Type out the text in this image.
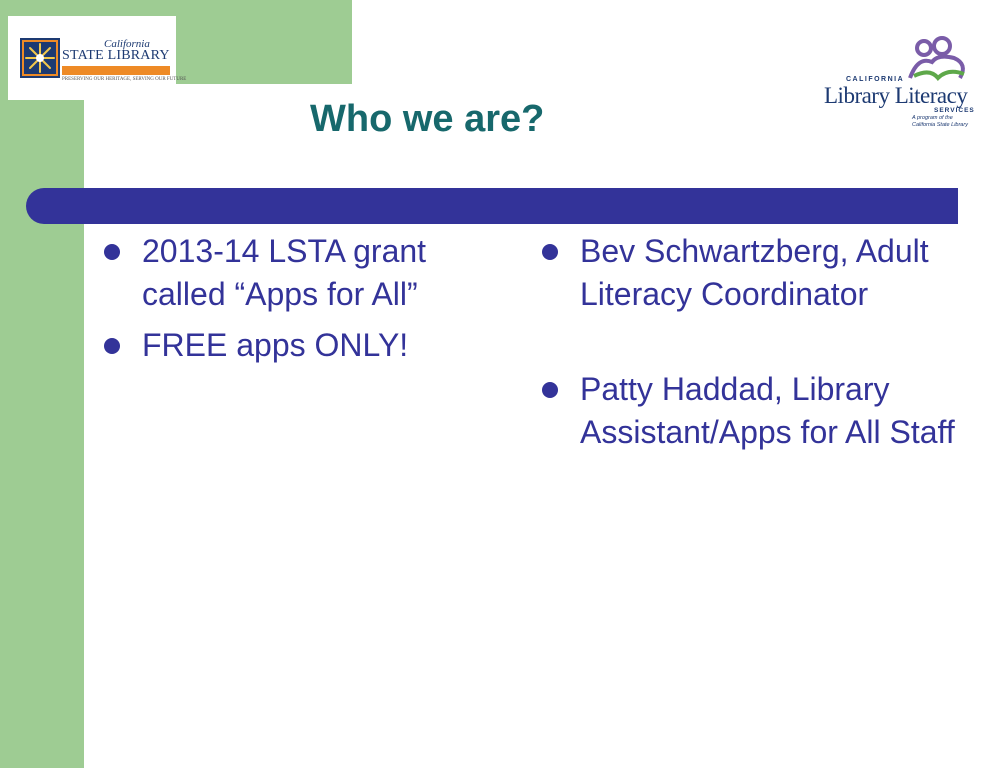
California
STATE LIBRARY
PRESERVING OUR HERITAGE, SERVING OUR FUTURE	CALIFORNIA
Library Literacy
SERVICES
A program of the
California State Library
Who we are?
2013-14 LSTA grant called “Apps for All”
FREE apps ONLY!
Bev Schwartzberg, Adult Literacy Coordinator
Patty Haddad, Library Assistant/Apps for All Staff
